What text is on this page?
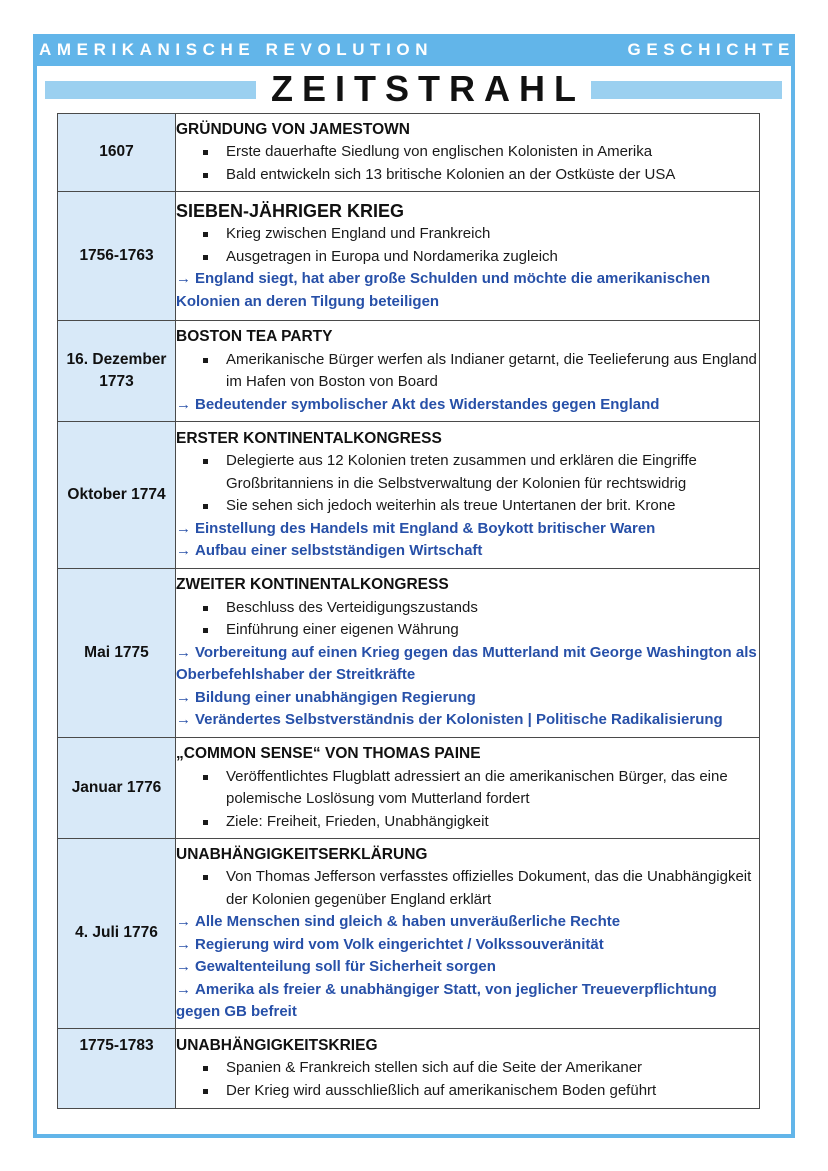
AMERIKANISCHE REVOLUTION	GESCHICHTE
ZEITSTRAHL
1607	
GRÜNDUNG VON JAMESTOWN
Erste dauerhafte Siedlung von englischen Kolonisten in Amerika
Bald entwickeln sich 13 britische Kolonien an der Ostküste der USA

1756-1763	
SIEBEN-JÄHRIGER KRIEG
Krieg zwischen England und Frankreich
Ausgetragen in Europa und Nordamerika zugleich
→ England siegt, hat aber große Schulden und möchte die amerikanischen Kolonien an deren Tilgung beteiligen

16. Dezember 1773	
BOSTON TEA PARTY
Amerikanische Bürger werfen als Indianer getarnt, die Teelieferung aus England im Hafen von Boston von Board
→ Bedeutender symbolischer Akt des Widerstandes gegen England

Oktober 1774	
ERSTER KONTINENTALKONGRESS
Delegierte aus 12 Kolonien treten zusammen und erklären die Eingriffe Großbritanniens in die Selbstverwaltung der Kolonien für rechtswidrig
Sie sehen sich jedoch weiterhin als treue Untertanen der brit. Krone
→ Einstellung des Handels mit England & Boykott britischer Waren
→ Aufbau einer selbstständigen Wirtschaft

Mai 1775	
ZWEITER KONTINENTALKONGRESS
Beschluss des Verteidigungszustands
Einführung einer eigenen Währung
→ Vorbereitung auf einen Krieg gegen das Mutterland mit George Washington als Oberbefehlshaber der Streitkräfte
→ Bildung einer unabhängigen Regierung
→ Verändertes Selbstverständnis der Kolonisten | Politische Radikalisierung

Januar 1776	
„COMMON SENSE“ VON THOMAS PAINE
Veröffentlichtes Flugblatt adressiert an die amerikanischen Bürger, das eine polemische Loslösung vom Mutterland fordert
Ziele: Freiheit, Frieden, Unabhängigkeit

4. Juli 1776	
UNABHÄNGIGKEITSERKLÄRUNG
Von Thomas Jefferson verfasstes offizielles Dokument, das die Unabhängigkeit der Kolonien gegenüber England erklärt
→ Alle Menschen sind gleich & haben unveräußerliche Rechte
→ Regierung wird vom Volk eingerichtet / Volkssouveränität
→ Gewaltenteilung soll für Sicherheit sorgen
→ Amerika als freier & unabhängiger Statt, von jeglicher Treueverpflichtung gegen GB befreit

1775-1783	UNABHÄNGIGKEITSKRIEG
Spanien & Frankreich stellen sich auf die Seite der Amerikaner
Der Krieg wird ausschließlich auf amerikanischem Boden geführt
